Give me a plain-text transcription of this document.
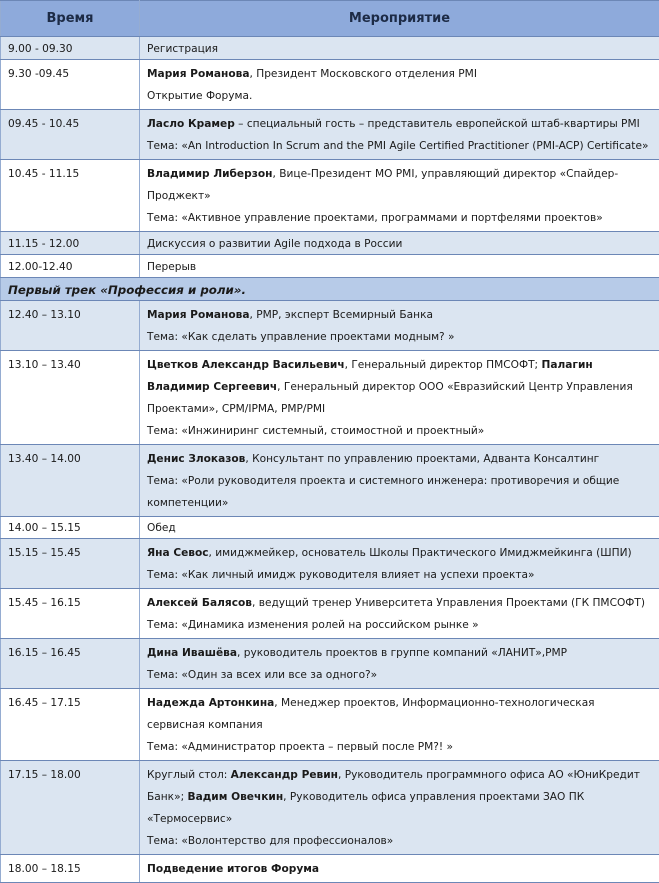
Время	Мероприятие
9.00 - 09.30	Регистрация
9.30 -09.45	Мария Романова, Президент Московского отделения PMI
Открытие Форума.

09.45 - 10.45	Ласло Крамер – специальный гость – представитель европейской штаб-квартиры PMI
Тема: «An Introduction In Scrum and the PMI Agile Certified Practitioner (PMI-ACP) Certificate»

10.45 - 11.15	Владимир Либерзон, Вице-Президент МО PMI, управляющий директор «Спайдер-Проджект»
Тема: «Активное управление проектами, программами и портфелями проектов»

11.15 - 12.00	Дискуссия о развитии Agile подхода в России
12.00-12.40	Перерыв
Первый трек «Профессия и роли».	
12.40 – 13.10	Мария Романова, PMP, эксперт Всемирный Банка
Тема: «Как сделать управление проектами модным? »

13.10 – 13.40	Цветков Александр Васильевич, Генеральный директор ПМСОФТ; Палагин Владимир Сергеевич, Генеральный директор ООО «Евразийский Центр Управления Проектами», CPM/IPMA, PMP/PMI
Тема: «Инжиниринг системный, стоимостной и проектный»

13.40 – 14.00	Денис Злоказов, Консультант по управлению проектами, Адванта Консалтинг
Тема: «Роли руководителя проекта и системного инженера: противоречия и общие компетенции»

14.00 – 15.15	Обед
15.15 – 15.45	Яна Севос, имиджмейкер, основатель Школы Практического Имиджмейкинга (ШПИ)
Тема: «Как личный имидж руководителя влияет на успехи проекта»

15.45 – 16.15	Алексей Балясов, ведущий тренер Университета Управления Проектами (ГК ПМСОФТ)
Тема: «Динамика изменения ролей на российском рынке »

16.15 – 16.45	Дина Ивашёва, руководитель проектов в группе компаний «ЛАНИТ»,PMP
Тема: «Один за всех или все за одного?»

16.45 – 17.15	Надежда Артонкина, Менеджер проектов, Информационно-технологическая сервисная компания
Тема: «Администратор проекта – первый после PM?! »

17.15 – 18.00	Круглый стол: Александр Ревин, Руководитель программного офиса АО «ЮниКредит Банк»; Вадим Овечкин, Руководитель офиса управления проектами ЗАО ПК «Термосервис»
Тема: «Волонтерство для профессионалов»

18.00 – 18.15	Подведение итогов Форума
